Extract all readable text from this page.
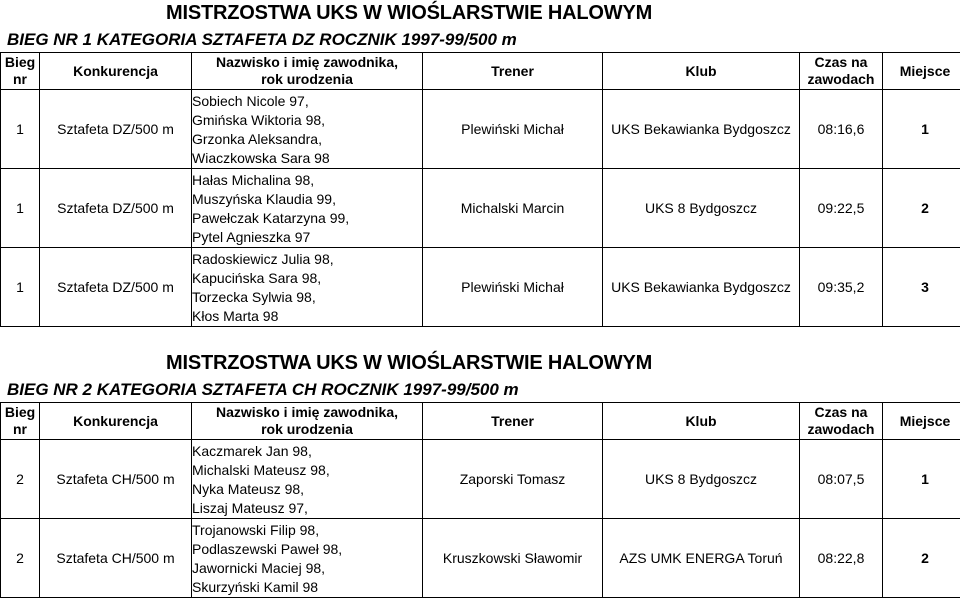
MISTRZOSTWA UKS W WIOŚLARSTWIE HALOWYM
BIEG NR 1 KATEGORIA SZTAFETA DZ ROCZNIK 1997-99/500 m
Bieg
nr	Konkurencja	Nazwisko i imię zawodnika,
rok urodzenia	Trener	Klub	Czas na
zawodach	Miejsce
1	Sztafeta DZ/500 m	Sobiech Nicole 97,
Gmińska Wiktoria 98,
Grzonka Aleksandra,
Wiaczkowska Sara 98	Plewiński Michał	UKS Bekawianka Bydgoszcz	08:16,6	1
1	Sztafeta DZ/500 m	Hałas Michalina 98,
Muszyńska Klaudia 99,
Pawełczak Katarzyna 99,
Pytel Agnieszka 97	Michalski Marcin	UKS 8 Bydgoszcz	09:22,5	2
1	Sztafeta DZ/500 m	Radoskiewicz Julia 98,
Kapucińska Sara 98,
Torzecka Sylwia 98,
Kłos Marta 98	Plewiński Michał	UKS Bekawianka Bydgoszcz	09:35,2	3
MISTRZOSTWA UKS W WIOŚLARSTWIE HALOWYM
BIEG NR 2 KATEGORIA SZTAFETA CH ROCZNIK 1997-99/500 m
Bieg
nr	Konkurencja	Nazwisko i imię zawodnika,
rok urodzenia	Trener	Klub	Czas na
zawodach	Miejsce
2	Sztafeta CH/500 m	Kaczmarek Jan 98,
Michalski Mateusz 98,
Nyka Mateusz 98,
Liszaj Mateusz 97,	Zaporski Tomasz	UKS 8 Bydgoszcz	08:07,5	1
2	Sztafeta CH/500 m	Trojanowski Filip 98,
Podlaszewski Paweł 98,
Jawornicki Maciej 98,
Skurzyński Kamil 98	Kruszkowski Sławomir	AZS UMK ENERGA Toruń	08:22,8	2
